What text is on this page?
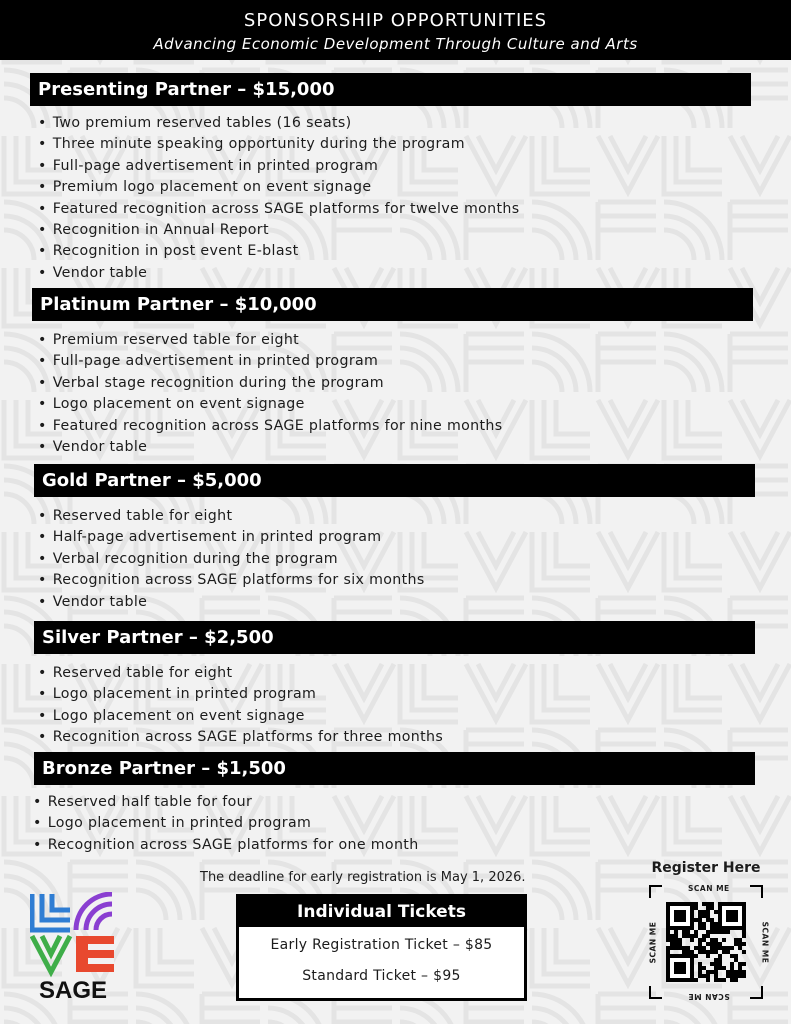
SPONSORSHIP OPPORTUNITIES
Advancing Economic Development Through Culture and Arts
Presenting Partner – $15,000
• Two premium reserved tables (16 seats)
• Three minute speaking opportunity during the program
• Full-page advertisement in printed program
• Premium logo placement on event signage
• Featured recognition across SAGE platforms for twelve months
• Recognition in Annual Report
• Recognition in post event E-blast
• Vendor table
Platinum Partner – $10,000
• Premium reserved table for eight
• Full-page advertisement in printed program
• Verbal stage recognition during the program
• Logo placement on event signage
• Featured recognition across SAGE platforms for nine months
• Vendor table
Gold Partner – $5,000
• Reserved table for eight
• Half-page advertisement in printed program
• Verbal recognition during the program
• Recognition across SAGE platforms for six months
• Vendor table
Silver Partner – $2,500
• Reserved table for eight
• Logo placement in printed program
• Logo placement on event signage
• Recognition across SAGE platforms for three months
Bronze Partner – $1,500
• Reserved half table for four
• Logo placement in printed program
• Recognition across SAGE platforms for one month
The deadline for early registration is May 1, 2026.
Individual Tickets
Early Registration Ticket – $85
Standard Ticket – $95
Register Here
SCAN ME
SCAN ME
SCAN ME	SCAN ME
SAGE
